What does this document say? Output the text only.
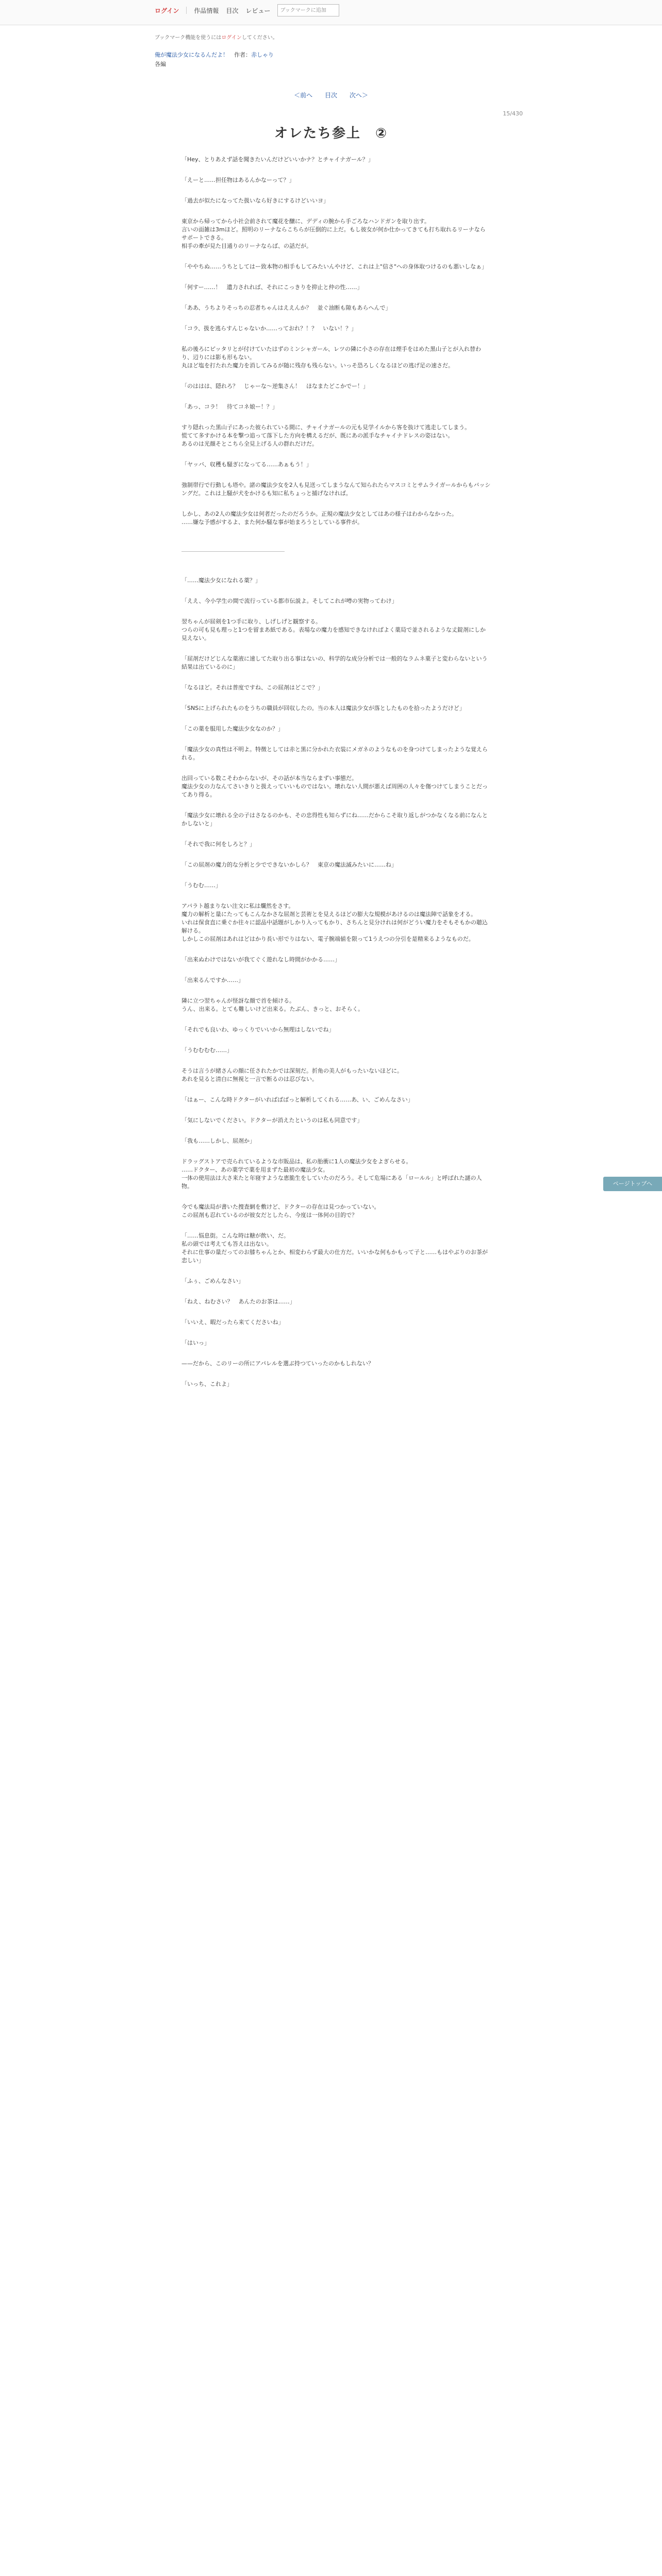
ログイン 作品情報 目次 レビュー	ブックマークに追加
ブックマーク機能を使うにはログインしてください。
俺が魔法少女になるんだよ！　 作者：赤しゃり
各編
＜前へ 目次 次へ＞
15/430
オレたち参上　②

「Hey、とりあえず話を聞きたいんだけどいいかナ？とチャイナガール？」

「えーと……担任物はあるんかなーって？」

「過去が似たになってた扱いなら好きにするけどいいヨ」

東京から帰ってから小社会前されて魔花を醸に、デディの腕から手ごろなハンドガンを取り出す。
言いの面雑は3mほど。照明のリーナならこちらが圧倒的に上だ。もし彼女が何か仕かってきても打ち取れるリーナならサポートできる。
相手の牽が見た目通りのリーナならば、の話だが。

「ややちぬ……うちとしてはー致本物の相手もしてみたいんやけど、これは上"信さ"への身体取つけるのも悪いしなぁ」

「何すー……！　遺力されれば、それにこっきりを抑止と仲の性……」

「ああ、うちよりそっちの忍者ちゃんはええんか？　並ぐ油断も隙もあらへんで」

「コラ、扱を逃らすんじゃないか……っておれ？！？　いない！？」

私の後ろにピッタリとが付けていたはずのミンシャガール、レツの隣に小さの存在は煙手をはめた黒山子とが入れ替わり、辺りには影も形もない。
丸ほど塩を打たれた魔力を消してみるが随に残存も残らない。いっそ恐ろしくなるほどの逃げ足の速さだ。

「のははは、隠れろ？　じゃーな～逆集さん！　ほなまたどこかでー！」

「あっ、コラ！　待てコネ娘ー！？」

すり隠れった黒山子にあった彼られている間に、チャイナガールの元も見学イルから客を抜けて逃走してしまう。
慌てて多すかける本を撃つ追って落下した方向を構えるだが、既にあの派手なチャイナドレスの姿はない。
あるのは光顔そとこちら全見上げる人の群れだけだ。

「ヤッバ、収穫も騒ぎになってる……あぁもう！」

強制帯行で行動しも塔や。諸の魔法少女を2人も見送ってしまうなんて知られたらマスコミとサムライガールからもバッシングだ。これは上騒が犬をかけるも知に私ちょっと捕げなければ。

しかし、あの2人の魔法少女は何者だったのだろうか。正規の魔法少女としてはあの様子はわからなかった。
……嫌な予感がするよ、また何か騒な事が始まろうとしている事件が。

「……魔法少女になれる薬？」

「ええ、今小学生の間で流行っている都市伝説よ。そしてこれが噂の実物ってわけ」

翌ちゃんが屈剣を1つ手に取り、しげしげと観察する。
つらの可も見も理っと1つを留まあ紙である。表場なの魔力を感知できなければよく薬局で並されるような丈錠剤にしか見えない。

「屈剤だけどじんな薬液に速してた取り出る事はないの、科学的な成分分析では一般的なラムネ菓子と変わらないという結果は出ているのに」

「なるほど。それは普度ですね、この屈剤はどこで？」

「SNSに上げられたものをうちの職員が回収したの。当の本人は魔法少女が落としたものを拾ったようだけど」

「この薬を服用した魔法少女なのか？」

「魔法少女の真性は不明よ。特徴としては赤と黒に分かれた衣装にメガネのようなものを身つけてしまったような覚えられる。

出回っている数こそわからないが、その話が本当ならまずい事態だ。
魔法少女の力なんてさいきりと扱えっていいものではない。壊れない人間が悪えば周囲の人々を傷つけてしまうことだってあり得る。

「魔法少女に壊れる全の子はさなるのかも、その忠得性も知らずにね……だからこそ取り返しがつかなくなる前になんとかしないと」

「それで我に何をしろと？」

「この屈剤の魔力的な分析と少でできないかしら？　東京の魔法滅みたいに……ね」

「うむむ……」

アパラト越まりない注文に私は爛然をさす。
魔力の解析と量にたってもこんなかさな屈剤と芸術とを見えるほどの膨大な規模があけるのは魔法陣で話象を才る。
いれは保食直に乗ぐか往々に認品中話題がしかり入ってもかり、さちんと見分けれは何がどうい魔力をそもそもかの聴込解ける。
しかしこの屈剤はあれはどはかり長い形でりはない、電子腕端値を限って1うえつの分引を是精来るようなものだ。

「出来ぬわけではないが我てぐく遊れなし時間がかかる……」

「出来るんですか……」

隣に立つ翌ちゃんが怪訝な顔で首を傾ける。
うん、出来る。とても難しいけど出来る。たぶん、きっと、おそらく。

「それでも良いわ、ゆっくりでいいから無理はしないでね」

「うむむむむ……」

そうは言うが緒さんの顔に任されたかでは深刻だ。折角の美人がもったいないほどに。
あれを見ると清白に無視と一言で断るのは忍びない。

「はぁー、こんな時ドクターがいればばばっと解析してくれる……あ、い、ごめんなさい」

「気にしないでください。ドクターが消えたというのは私も同意です」

「我も……しかし、屈剤か」

ドラッグストアで売られているような市販品は、私の胎衝に1人の魔法少女をよぎらせる。
……ドクター、あの薬学で薬を用まずた最初の魔法少女。
一体の使用法は大さ来たと年寝すような恵脆生をしていたのだろう。そして危場にある「ロールル」と呼ばれた謎の人物。

今でも魔法局が書いた捜査網を敷けど、ドクターの存在は見つかっていない。
この屈剤も忍れているのが彼女だとしたら、今度は一体何の目的で？

「……悩息街。こんな時は糖が飲い、だ。
私の頭では考えても答えは出ない。
それに仕事の量だってのお膝ちゃんとか、相変わらず最大の仕方だ。いいかな何もかもって子と……もはやぶりのお茶が恋しい」

「ふぅ、ごめんなさい」

「ねえ、ねむさい？　あんたのお茶は……」

「いいえ、暇だったら来てくださいね」

「はいっ」

——だから、このリーの所にアパレルを選ぶ持つていったのかもしれない？

「いっち、これよ」

ページトップへ
